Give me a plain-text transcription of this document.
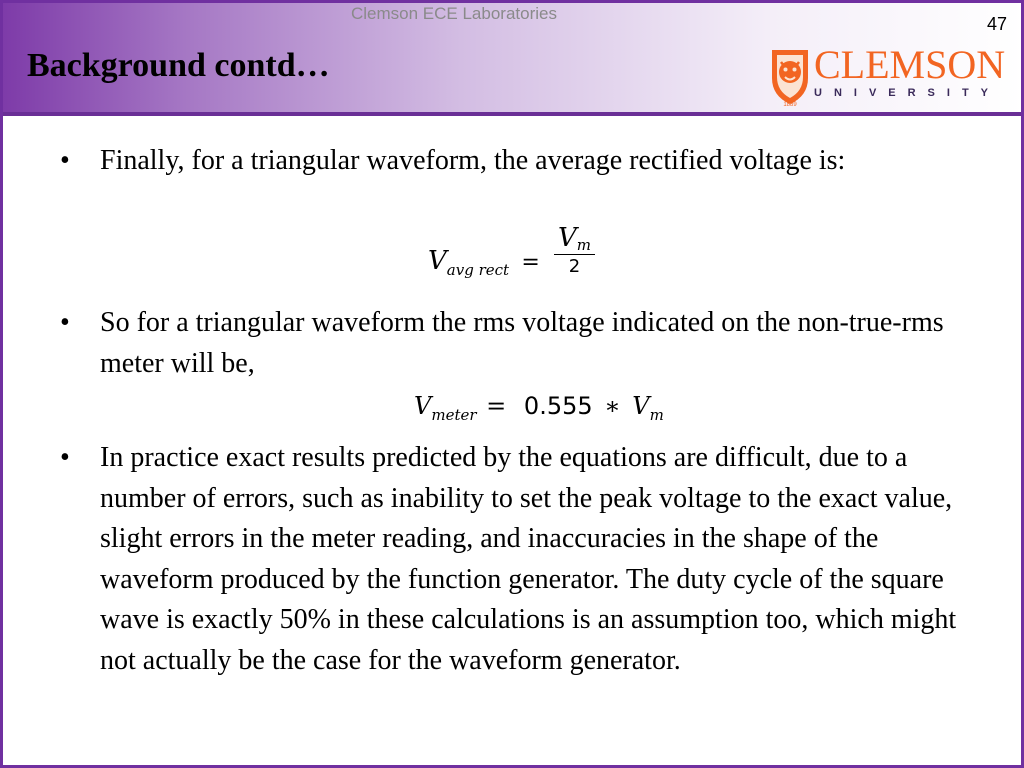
Clemson ECE Laboratories
47
Background contd…
1889
CLEMSON
UNIVERSITY
• Finally, for a triangular waveform, the average rectified voltage is:
$V_{avg rect} = \frac{Vm}{2}$
• So for a triangular waveform the rms voltage indicated on the non-true-rms meter will be,
$V_{meter} = 0.555$ ∗ $V_m$
• In practice exact results predicted by the equations are difficult, due to a number of errors, such as inability to set the peak voltage to the exact value, slight errors in the meter reading, and inaccuracies in the shape of the waveform produced by the function generator. The duty cycle of the square wave is exactly 50% in these calculations is an assumption too, which might not actually be the case for the waveform generator.
